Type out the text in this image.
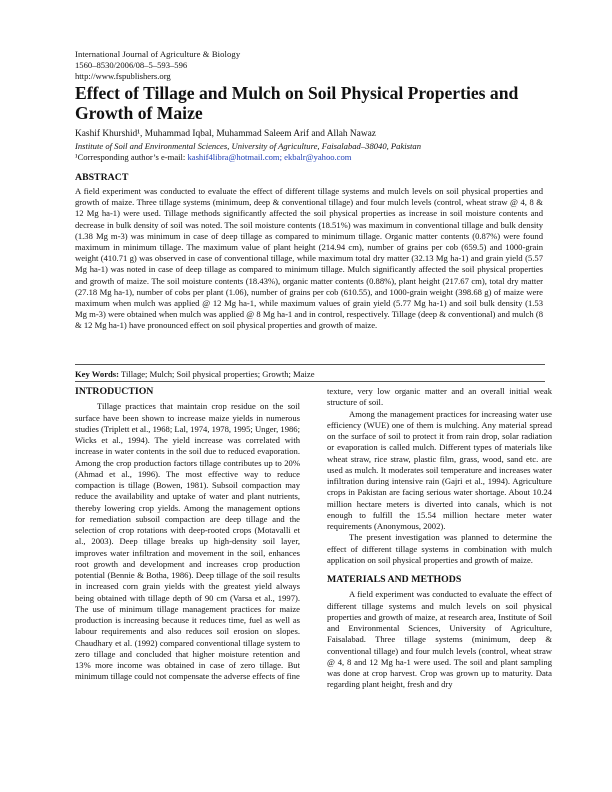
International Journal of Agriculture & Biology
1560–8530/2006/08–5–593–596
http://www.fspublishers.org
Effect of Tillage and Mulch on Soil Physical Properties and Growth of Maize
Kashif Khurshid¹, Muhammad Iqbal, Muhammad Saleem Arif and Allah Nawaz
Institute of Soil and Environmental Sciences, University of Agriculture, Faisalabad–38040, Pakistan
¹Corresponding author’s e-mail: kashif4libra@hotmail.com; ekbalr@yahoo.com
ABSTRACT
A field experiment was conducted to evaluate the effect of different tillage systems and mulch levels on soil physical properties and growth of maize. Three tillage systems (minimum, deep & conventional tillage) and four mulch levels (control, wheat straw @ 4, 8 & 12 Mg ha-1) were used. Tillage methods significantly affected the soil physical properties as increase in soil moisture contents and decrease in bulk density of soil was noted. The soil moisture contents (18.51%) was maximum in conventional tillage and bulk density (1.38 Mg m-3) was minimum in case of deep tillage as compared to minimum tillage. Organic matter contents (0.87%) were found maximum in minimum tillage. The maximum value of plant height (214.94 cm), number of grains per cob (659.5) and 1000-grain weight (410.71 g) was observed in case of conventional tillage, while maximum total dry matter (32.13 Mg ha-1) and grain yield (5.57 Mg ha-1) was noted in case of deep tillage as compared to minimum tillage. Mulch significantly affected the soil physical properties and growth of maize. The soil moisture contents (18.43%), organic matter contents (0.88%), plant height (217.67 cm), total dry matter (27.18 Mg ha-1), number of cobs per plant (1.06), number of grains per cob (610.55), and 1000-grain weight (398.68 g) of maize were maximum when mulch was applied @ 12 Mg ha-1, while maximum values of grain yield (5.77 Mg ha-1) and soil bulk density (1.53 Mg m-3) were obtained when mulch was applied @ 8 Mg ha-1 and in control, respectively. Tillage (deep & conventional) and mulch (8 & 12 Mg ha-1) have pronounced effect on soil physical properties and growth of maize.
Key Words: Tillage; Mulch; Soil physical properties; Growth; Maize
INTRODUCTION

Tillage practices that maintain crop residue on the soil surface have been shown to increase maize yields in numerous studies (Triplett et al., 1968; Lal, 1974, 1978, 1995; Unger, 1986; Wicks et al., 1994). The yield increase was correlated with increase in water contents in the soil due to reduced evaporation. Among the crop production factors tillage contributes up to 20% (Ahmad et al., 1996). The most effective way to reduce compaction is tillage (Bowen, 1981). Subsoil compaction may reduce the availability and uptake of water and plant nutrients, thereby lowering crop yields. Among the management options for remediation subsoil compaction are deep tillage and the selection of crop rotations with deep-rooted crops (Motavalli et al., 2003). Deep tillage breaks up high-density soil layer, improves water infiltration and movement in the soil, enhances root growth and development and increases crop production potential (Bennie & Botha, 1986). Deep tillage of the soil results in increased corn grain yields with the greatest yield always being obtained with tillage depth of 90 cm (Varsa et al., 1997). The use of minimum tillage management practices for maize production is increasing because it reduces time, fuel as well as labour requirements and also reduces soil erosion on slopes. Chaudhary et al. (1992) compared conventional tillage system to zero tillage and concluded that higher moisture retention and 13% more income was obtained in case of zero tillage. But minimum tillage could not compensate the adverse effects of fine

texture, very low organic matter and an overall initial weak structure of soil.

Among the management practices for increasing water use efficiency (WUE) one of them is mulching. Any material spread on the surface of soil to protect it from rain drop, solar radiation or evaporation is called mulch. Different types of materials like wheat straw, rice straw, plastic film, grass, wood, sand etc. are used as mulch. It moderates soil temperature and increases water infiltration during intensive rain (Gajri et al., 1994). Agriculture crops in Pakistan are facing serious water shortage. About 10.24 million hectare meters is diverted into canals, which is not enough to fulfill the 15.54 million hectare meter water requirements (Anonymous, 2002).

The present investigation was planned to determine the effect of different tillage systems in combination with mulch application on soil physical properties and growth of maize.

MATERIALS AND METHODS

A field experiment was conducted to evaluate the effect of different tillage systems and mulch levels on soil physical properties and growth of maize, at research area, Institute of Soil and Environmental Sciences, University of Agriculture, Faisalabad. Three tillage systems (minimum, deep & conventional tillage) and four mulch levels (control, wheat straw @ 4, 8 and 12 Mg ha-1 were used. The soil and plant sampling was done at crop harvest. Crop was grown up to maturity. Data regarding plant height, fresh and dry
